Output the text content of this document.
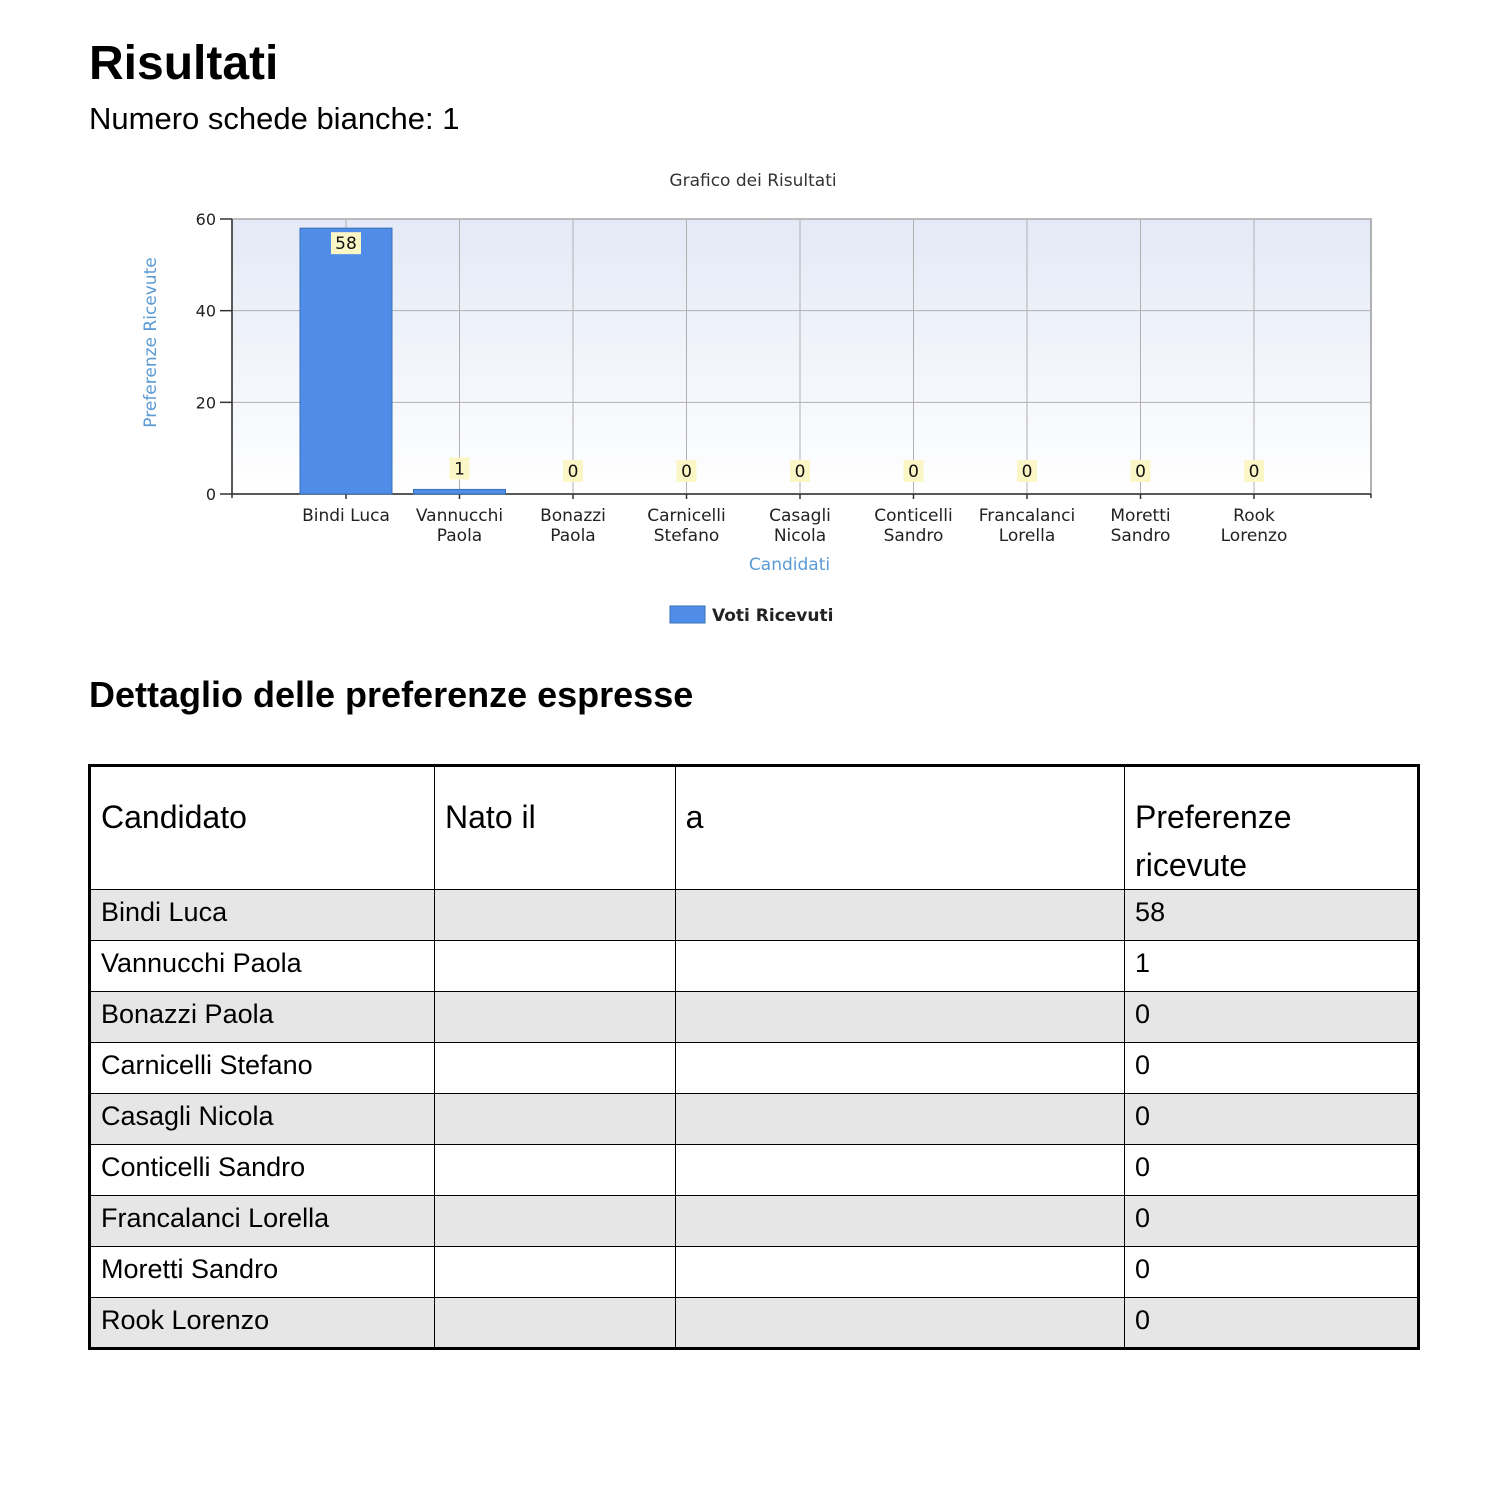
Risultati

Numero schede bianche: 1

Grafico dei Risultati
58
1	0	0	0	0	0	0	0
Bindi Luca Vannucchi
Paola
Bonazzi
Paola
Carnicelli
Stefano
Casagli
Nicola
Conticelli
Sandro
Francalanci
Lorella
Moretti
Sandro
Rook
Lorenzo
0
20
40
60
Preferenze Ricevute
Candidati
Voti Ricevuti
Dettaglio delle preferenze espresse
Candidato	Nato il	a	Preferenze ricevute
Bindi Luca			58
Vannucchi Paola			1
Bonazzi Paola			0
Carnicelli Stefano			0
Casagli Nicola			0
Conticelli Sandro			0
Francalanci Lorella			0
Moretti Sandro			0
Rook Lorenzo			0
